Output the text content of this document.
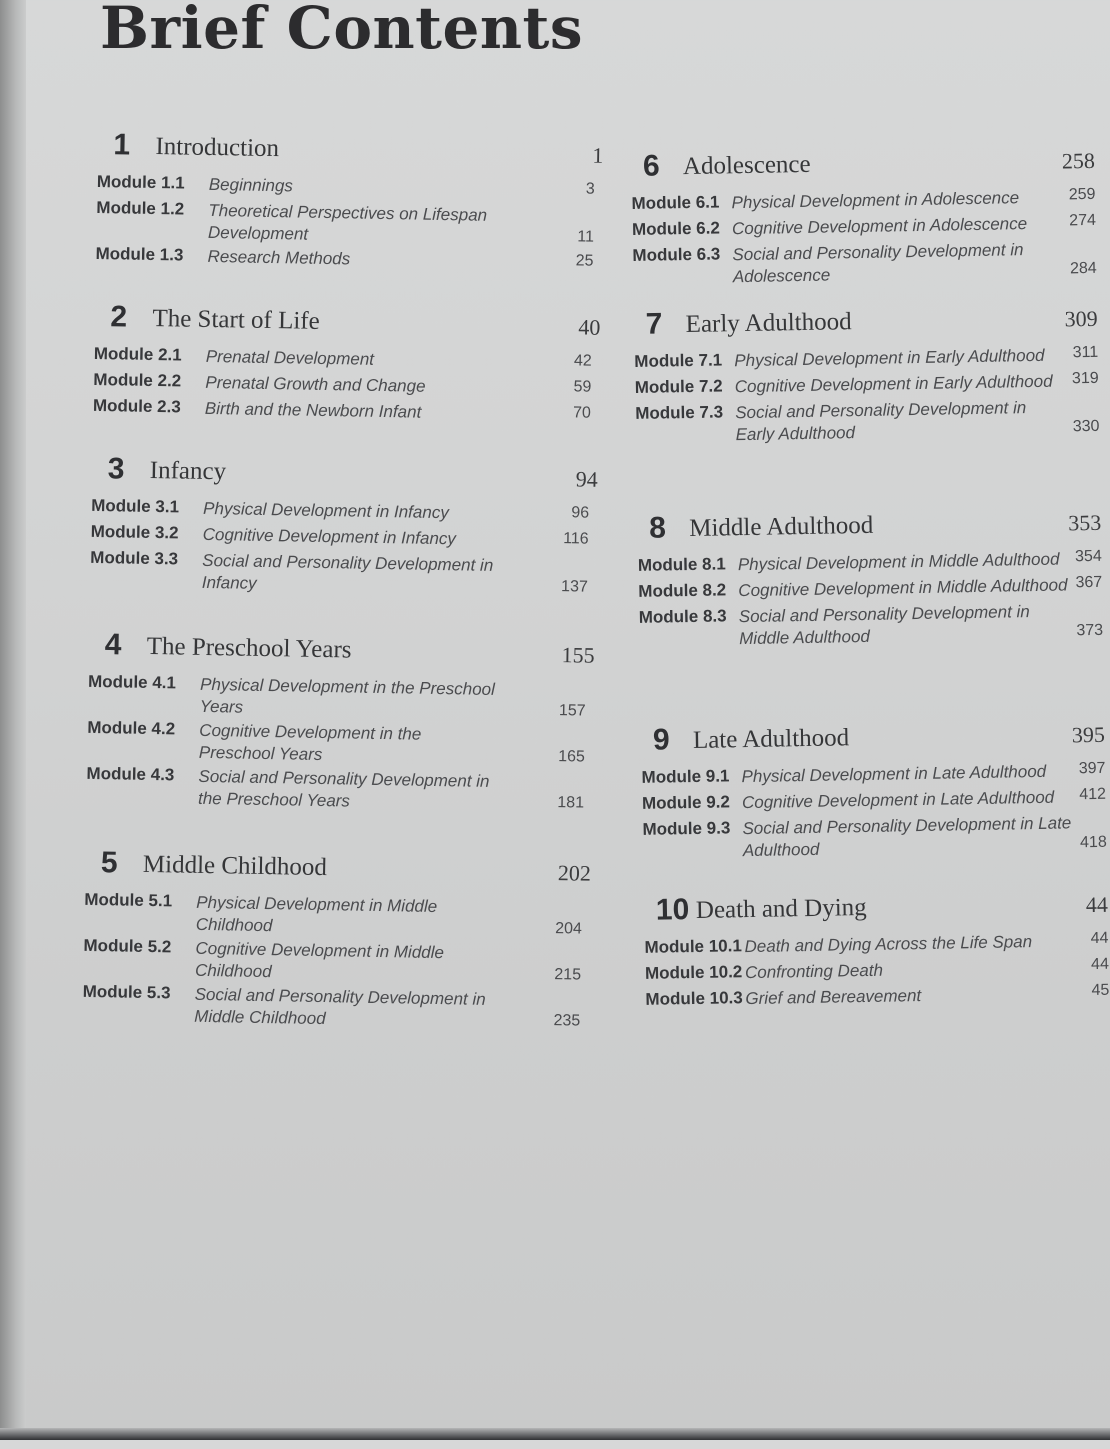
Brief Contents
1 Introduction	1
Module 1.1 Beginnings	3
Module 1.2 Theoretical Perspectives on Lifespan Development	11
Module 1.3 Research Methods	25
2 The Start of Life	40
Module 2.1 Prenatal Development	42
Module 2.2 Prenatal Growth and Change	59
Module 2.3 Birth and the Newborn Infant	70
3 Infancy	94
Module 3.1 Physical Development in Infancy	96
Module 3.2 Cognitive Development in Infancy	116
Module 3.3 Social and Personality Development in Infancy	137
4 The Preschool Years	155
Module 4.1 Physical Development in the Preschool Years	157
Module 4.2 Cognitive Development in the Preschool Years	165
Module 4.3 Social and Personality Development in the Preschool Years	181
5 Middle Childhood	202
Module 5.1 Physical Development in Middle Childhood	204
Module 5.2 Cognitive Development in Middle Childhood	215
Module 5.3 Social and Personality Development in Middle Childhood	235
6 Adolescence	258
Module 6.1 Physical Development in Adolescence	259
Module 6.2 Cognitive Development in Adolescence	274
Module 6.3 Social and Personality Development in Adolescence	284
7 Early Adulthood	309
Module 7.1 Physical Development in Early Adulthood	311
Module 7.2 Cognitive Development in Early Adulthood	319
Module 7.3 Social and Personality Development in Early Adulthood	330
8 Middle Adulthood	353
Module 8.1 Physical Development in Middle Adulthood 354
Module 8.2 Cognitive Development in Middle Adulthood 367
Module 8.3 Social and Personality Development in Middle Adulthood	373
9 Late Adulthood	395
Module 9.1 Physical Development in Late Adulthood	397
Module 9.2 Cognitive Development in Late Adulthood	412
Module 9.3 Social and Personality Development in Late Adulthood	418
10 Death and Dying	44
Module 10.1 Death and Dying Across the Life Span	44
Module 10.2 Confronting Death	44
Module 10.3 Grief and Bereavement	45
